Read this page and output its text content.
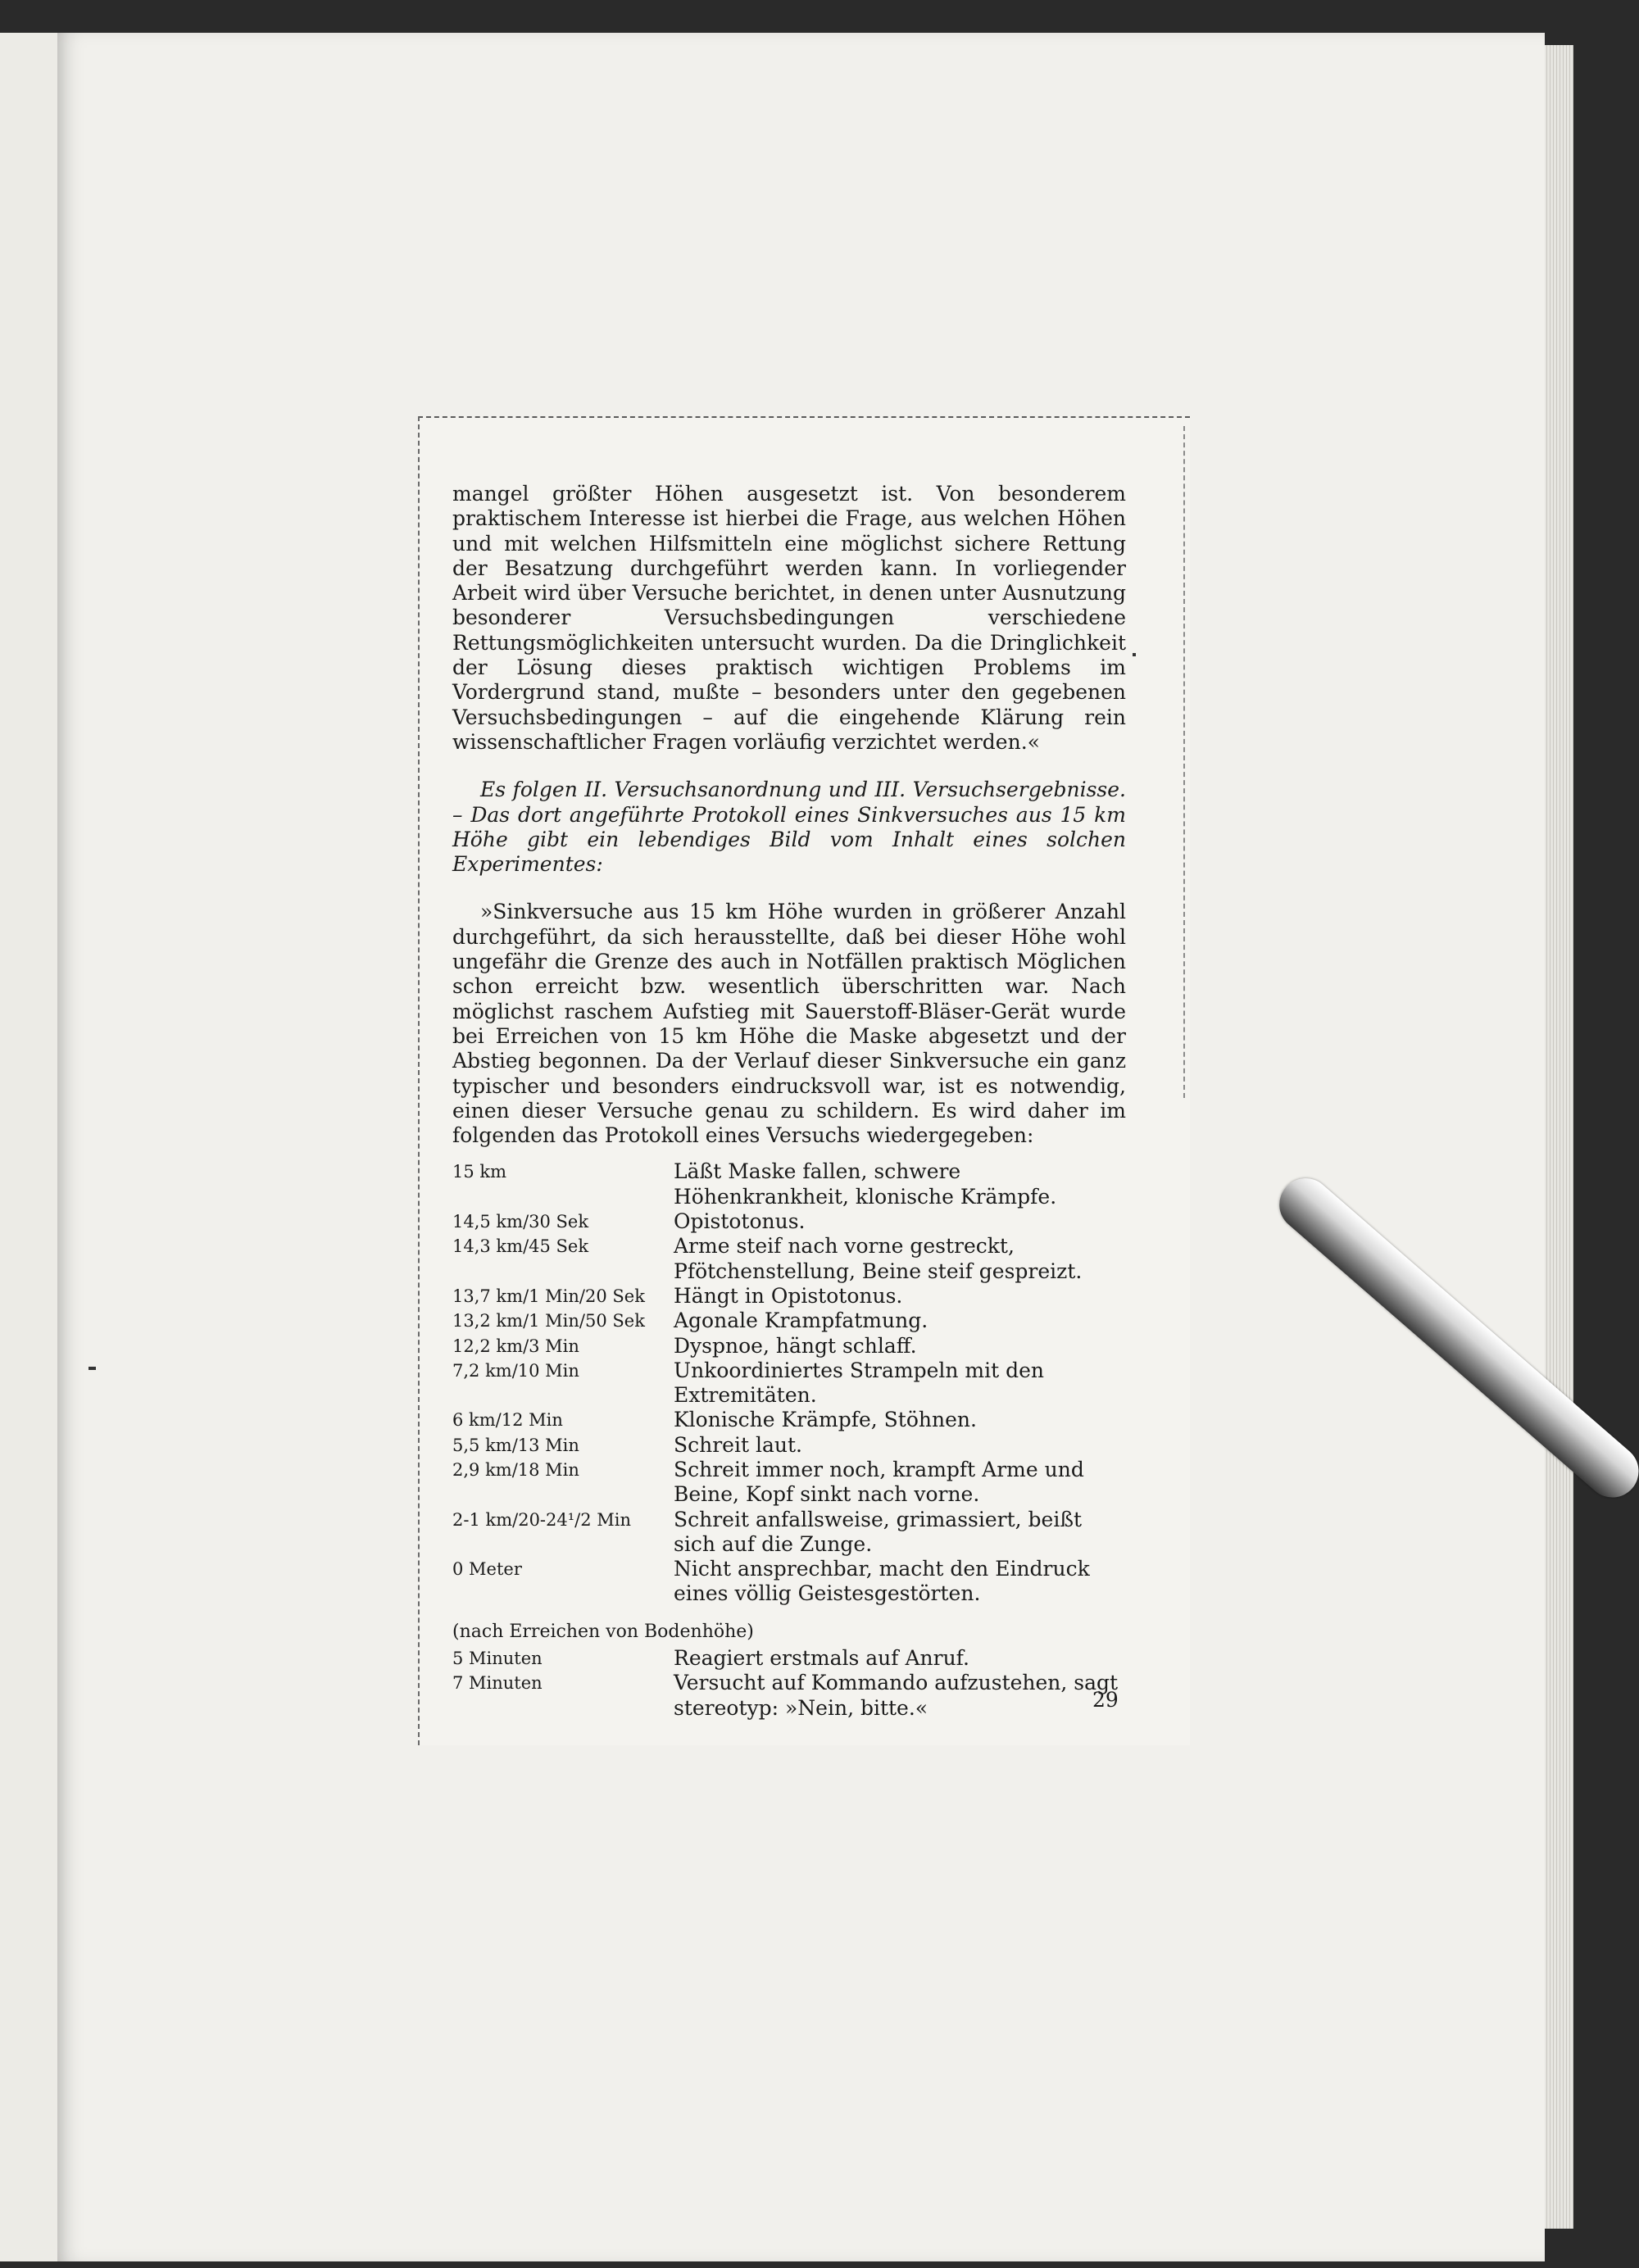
mangel größter Höhen ausgesetzt ist. Von besonderem praktischem Interesse ist hierbei die Frage, aus welchen Höhen und mit welchen Hilfsmitteln eine möglichst sichere Rettung der Besatzung durchgeführt werden kann. In vorliegender Arbeit wird über Versuche berichtet, in denen unter Ausnutzung besonderer Versuchsbedingungen verschiedene Rettungsmöglichkeiten untersucht wurden. Da die Dringlichkeit der Lösung dieses praktisch wichtigen Problems im Vordergrund stand, mußte – besonders unter den gegebenen Versuchsbedingungen – auf die eingehende Klärung rein wissenschaftlicher Fragen vorläufig verzichtet werden.«

Es folgen II. Versuchsanordnung und III. Versuchsergebnisse. – Das dort angeführte Protokoll eines Sinkversuches aus 15 km Höhe gibt ein lebendiges Bild vom Inhalt eines solchen Experimentes:

»Sinkversuche aus 15 km Höhe wurden in größerer Anzahl durchgeführt, da sich herausstellte, daß bei dieser Höhe wohl ungefähr die Grenze des auch in Notfällen praktisch Möglichen schon erreicht bzw. wesentlich überschritten war. Nach möglichst raschem Aufstieg mit Sauerstoff-Bläser-Gerät wurde bei Erreichen von 15 km Höhe die Maske abgesetzt und der Abstieg begonnen. Da der Verlauf dieser Sinkversuche ein ganz typischer und besonders eindrucksvoll war, ist es notwendig, einen dieser Versuche genau zu schildern. Es wird daher im folgenden das Protokoll eines Versuchs wiedergegeben:

15 km	Läßt Maske fallen, schwere Höhenkrankheit, klonische Krämpfe.
14,5 km/30 Sek	Opistotonus.
14,3 km/45 Sek	Arme steif nach vorne gestreckt, Pfötchenstellung, Beine steif gespreizt.
13,7 km/1 Min/20 Sek	Hängt in Opistotonus.
13,2 km/1 Min/50 Sek	Agonale Krampfatmung.
12,2 km/3 Min	Dyspnoe, hängt schlaff.
7,2 km/10 Min	Unkoordiniertes Strampeln mit den Extremitäten.
6 km/12 Min	Klonische Krämpfe, Stöhnen.
5,5 km/13 Min	Schreit laut.
2,9 km/18 Min	Schreit immer noch, krampft Arme und Beine, Kopf sinkt nach vorne.
2-1 km/20-24¹/2 Min	Schreit anfallsweise, grimassiert, beißt sich auf die Zunge.
0 Meter	Nicht ansprechbar, macht den Eindruck eines völlig Geistesgestörten.

(nach Erreichen von Bodenhöhe)

5 Minuten	Reagiert erstmals auf Anruf.
7 Minuten	Versucht auf Kommando aufzustehen, sagt stereotyp: »Nein, bitte.«	29
